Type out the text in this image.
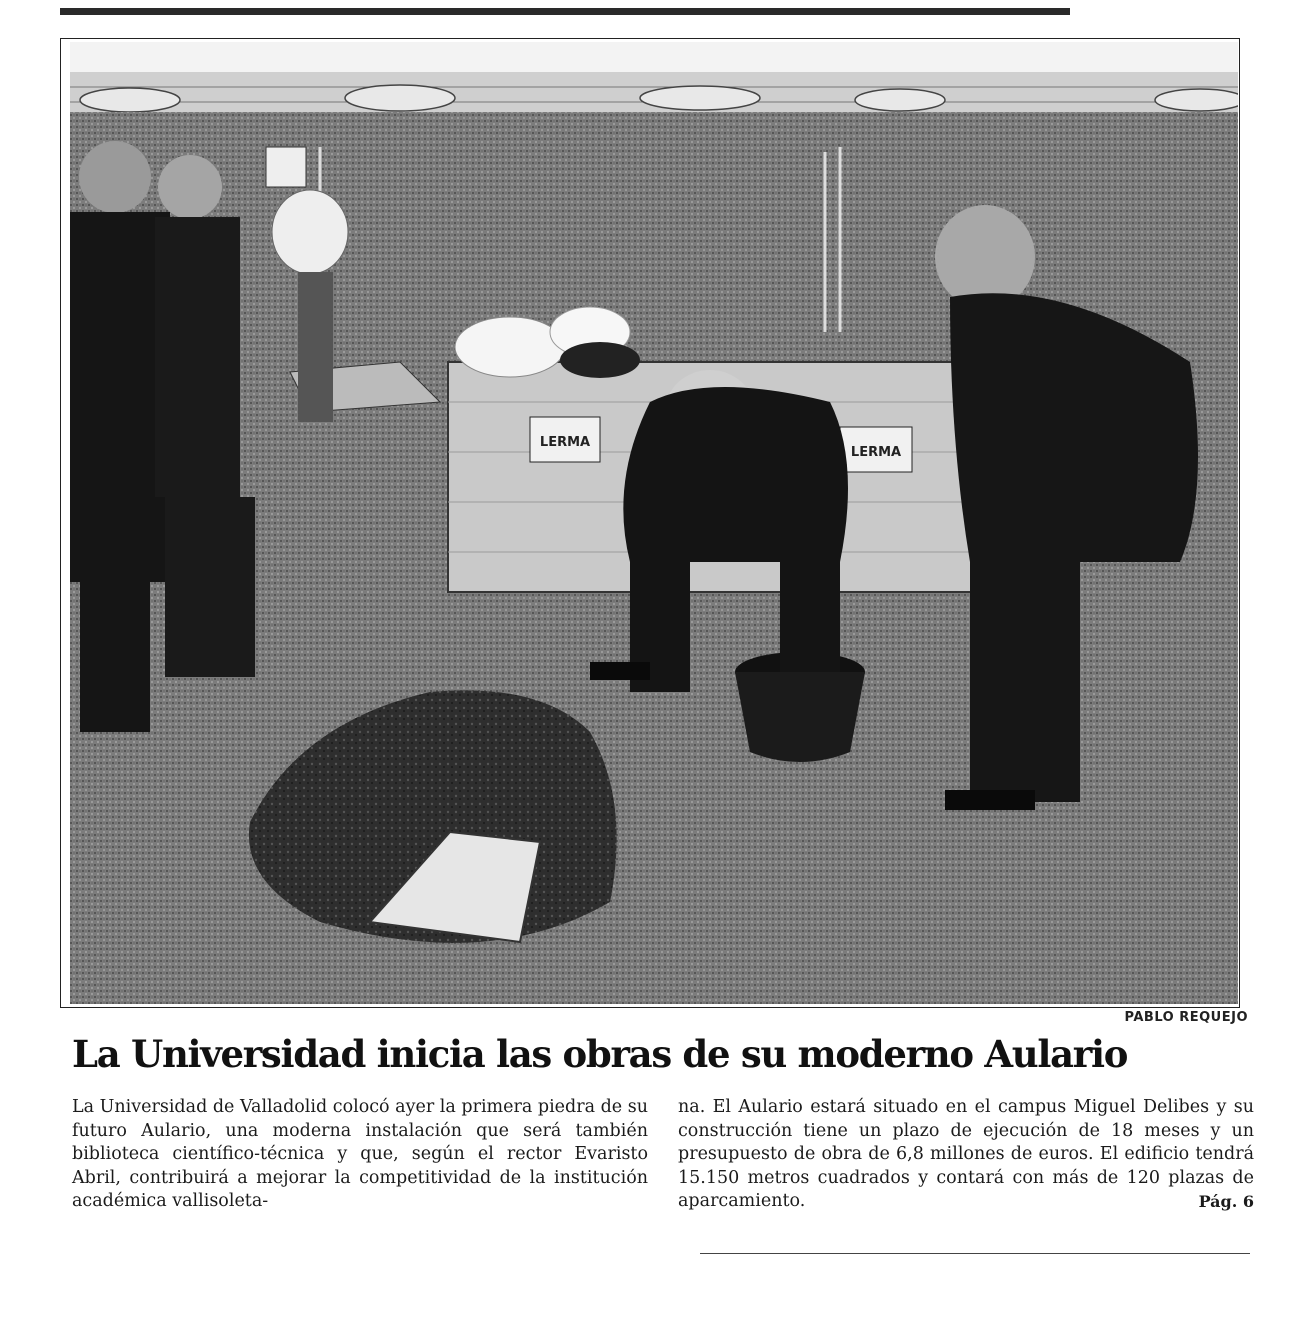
LERMA
LERMA
PABLO REQUEJO
La Universidad inicia las obras de su moderno Aulario
La Universidad de Valladolid colocó ayer la primera piedra de su futuro Aulario, una moderna instalación que será también biblioteca científico-técnica y que, según el rector Evaristo Abril, contribuirá a mejorar la competitividad de la institución académica vallisoleta-
na. El Aulario estará situado en el campus Miguel Delibes y su construcción tiene un plazo de ejecución de 18 meses y un presupuesto de obra de 6,8 millones de euros. El edificio tendrá 15.150 metros cuadrados y contará con más de 120 plazas de aparcamiento.	Pág. 6
